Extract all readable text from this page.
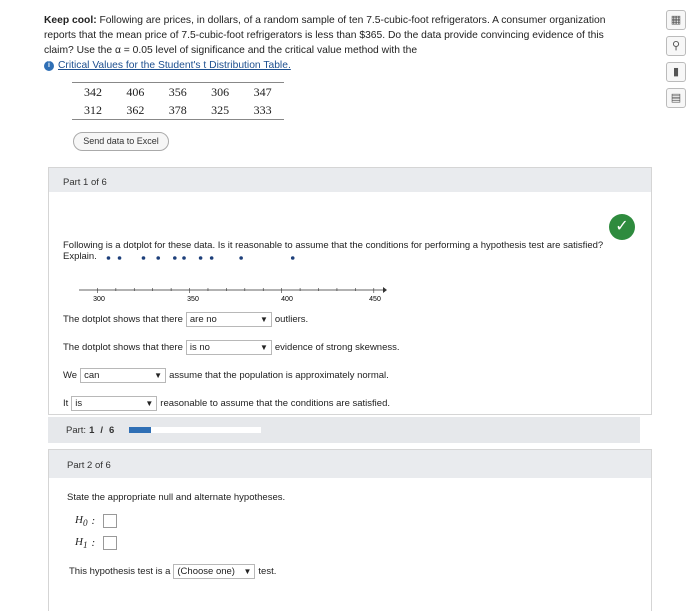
Keep cool: Following are prices, in dollars, of a random sample of ten 7.5-cubic-foot refrigerators. A consumer organization reports that the mean price of 7.5-cubic-foot refrigerators is less than $365. Do the data provide convincing evidence of this claim? Use the α = 0.05 level of significance and the critical value method with the
i Critical Values for the Student's t Distribution Table.
342	406	356	306	347
312	362	378	325	333
Send data to Excel
Part 1 of 6
✓
Following is a dotplot for these data. Is it reasonable to assume that the conditions for performing a hypothesis test are satisfied? Explain.
300	350	400	450
The dotplot shows that there are no	▼ outliers.
The dotplot shows that there is no	▼ evidence of strong skewness.
We can	▼ assume that the population is approximately normal.
It is	▼ reasonable to assume that the conditions are satisfied.
Part: 1 / 6
Part 2 of 6
State the appropriate null and alternate hypotheses.
$H_0$ :
$H_1$ :
This hypothesis test is a (Choose one) ▼ test.
▦
⚲
▮
▤
